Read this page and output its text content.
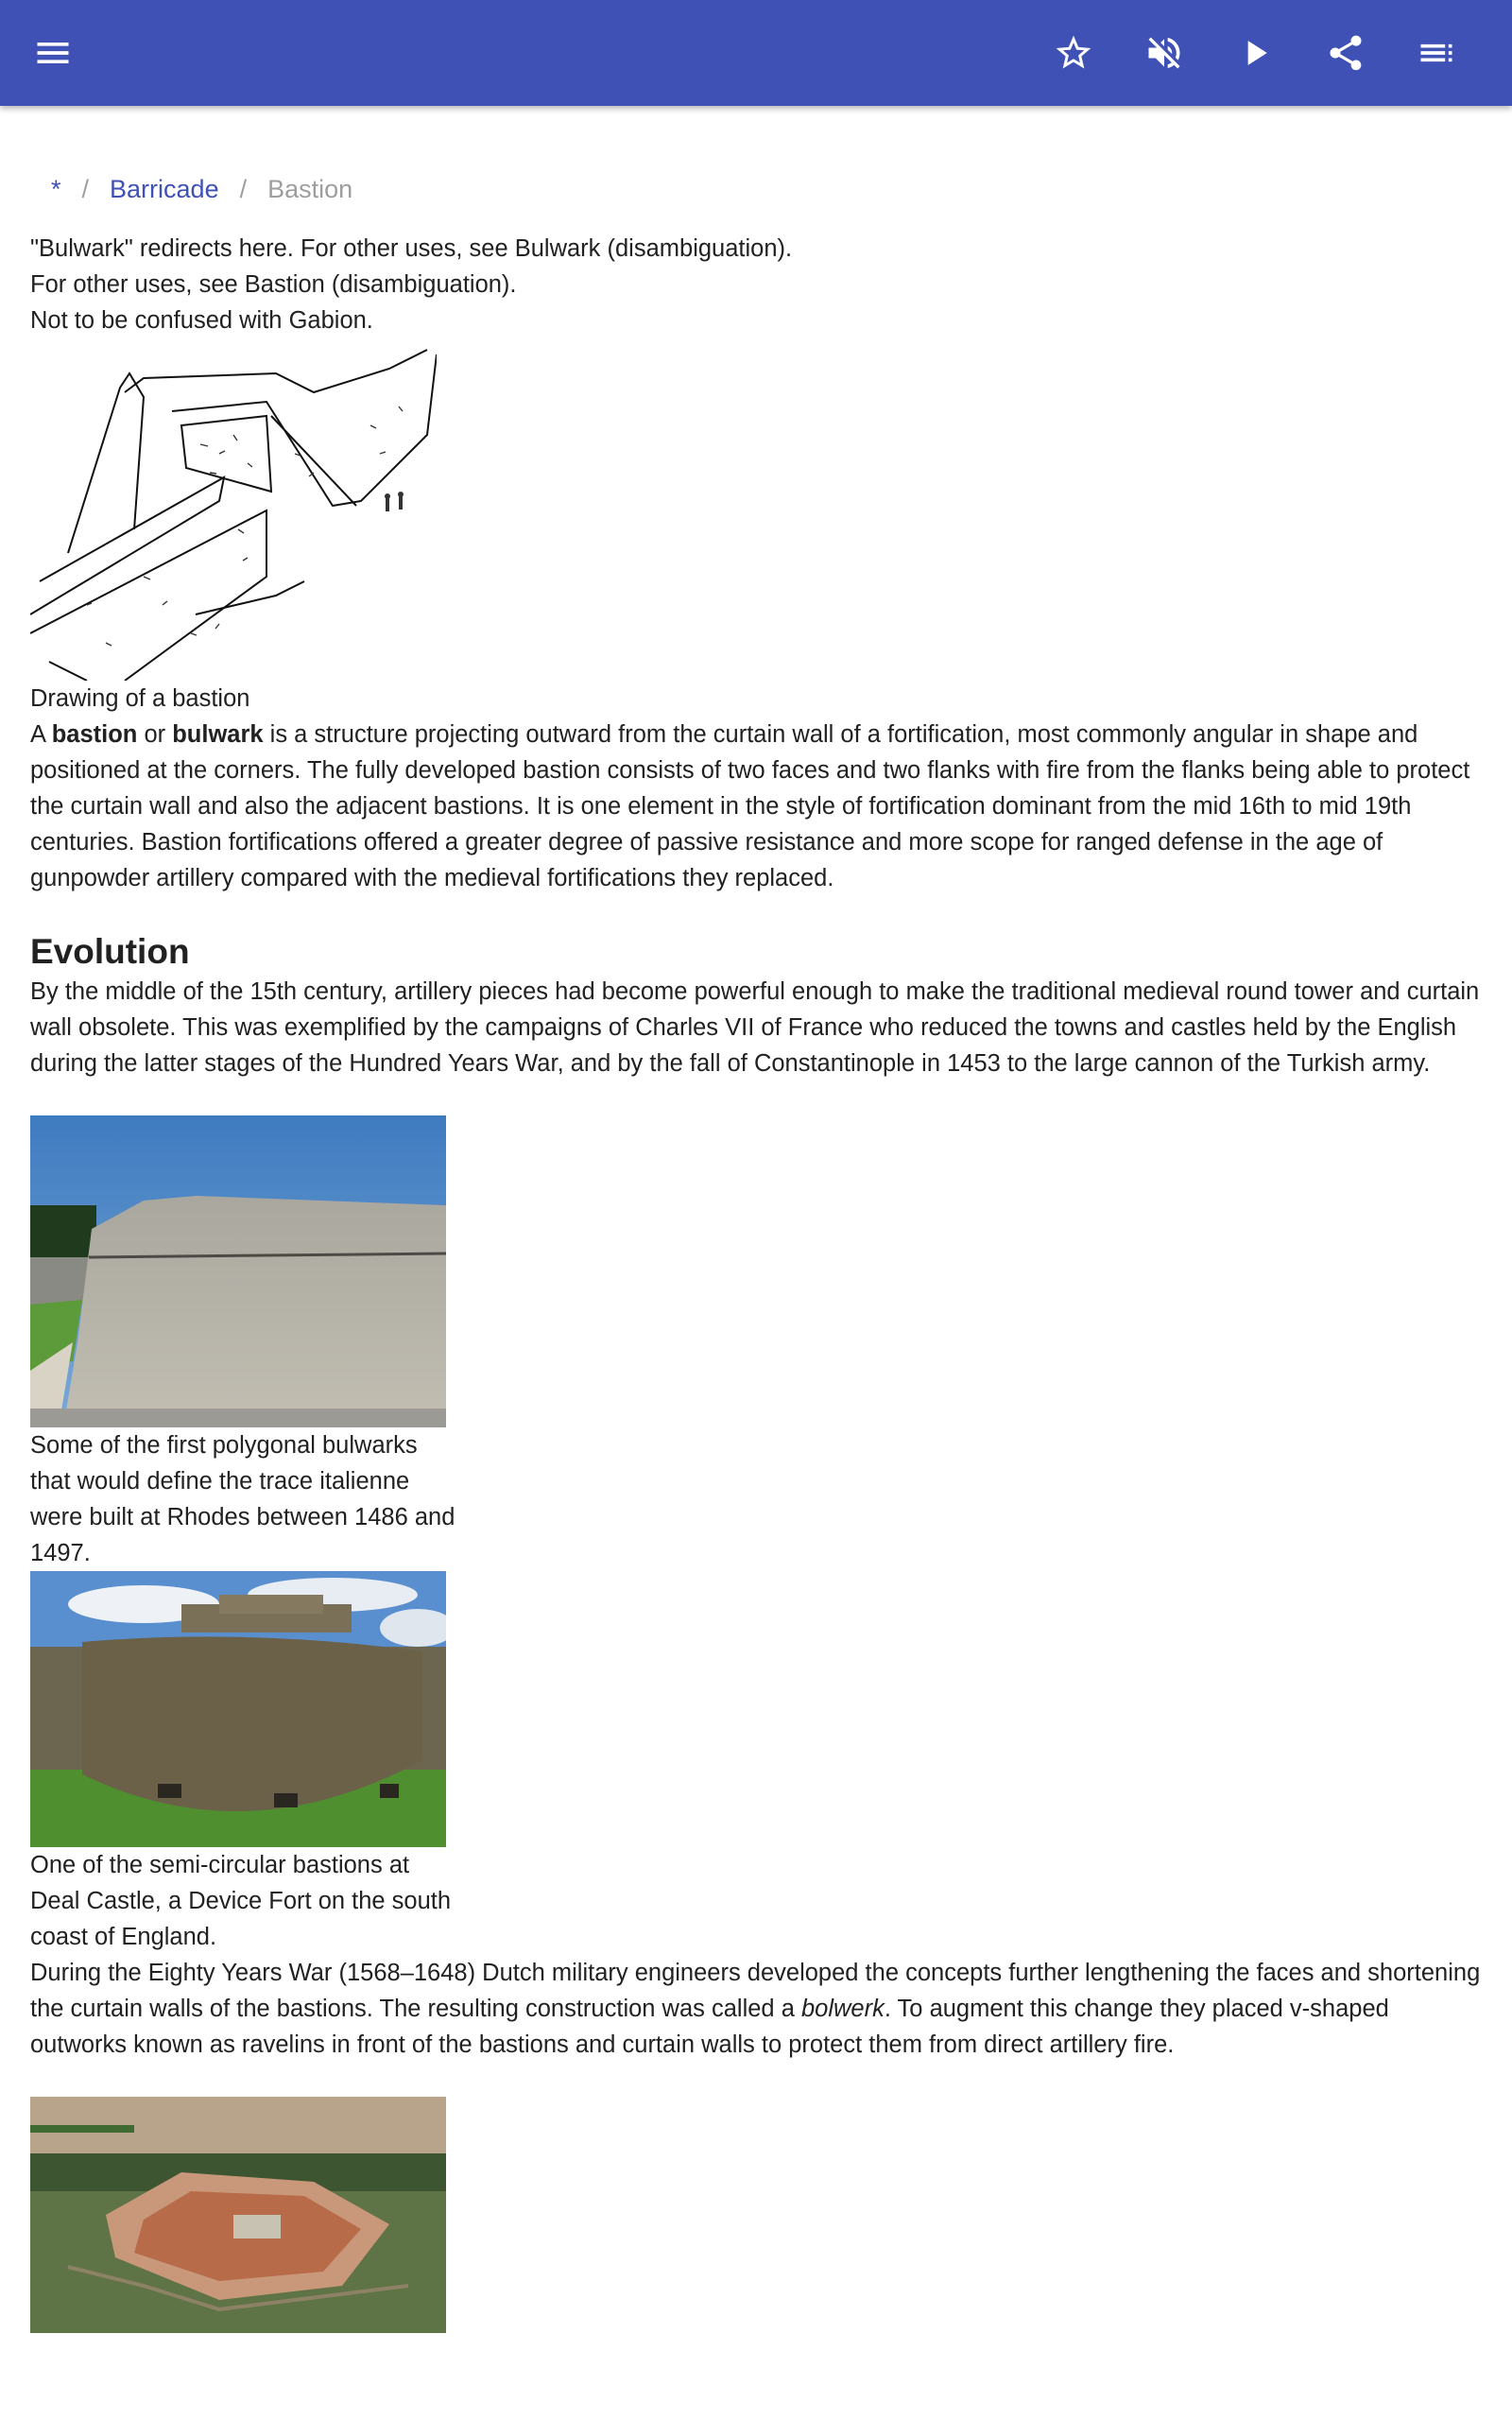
* / Barricade / Bastion
"Bulwark" redirects here. For other uses, see Bulwark (disambiguation).
For other uses, see Bastion (disambiguation).
Not to be confused with Gabion.
Drawing of a bastion

A bastion or bulwark is a structure projecting outward from the curtain wall of a fortification, most commonly angular in shape and positioned at the corners. The fully developed bastion consists of two faces and two flanks with fire from the flanks being able to protect the curtain wall and also the adjacent bastions. It is one element in the style of fortification dominant from the mid 16th to mid 19th centuries. Bastion fortifications offered a greater degree of passive resistance and more scope for ranged defense in the age of gunpowder artillery compared with the medieval fortifications they replaced.

Evolution

By the middle of the 15th century, artillery pieces had become powerful enough to make the traditional medieval round tower and curtain wall obsolete. This was exemplified by the campaigns of Charles VII of France who reduced the towns and castles held by the English during the latter stages of the Hundred Years War, and by the fall of Constantinople in 1453 to the large cannon of the Turkish army.

Some of the first polygonal bulwarks that would define the trace italienne were built at Rhodes between 1486 and 1497.
One of the semi-circular bastions at Deal Castle, a Device Fort on the south coast of England.

During the Eighty Years War (1568–1648) Dutch military engineers developed the concepts further lengthening the faces and shortening the curtain walls of the bastions. The resulting construction was called a bolwerk. To augment this change they placed v-shaped outworks known as ravelins in front of the bastions and curtain walls to protect them from direct artillery fire.
